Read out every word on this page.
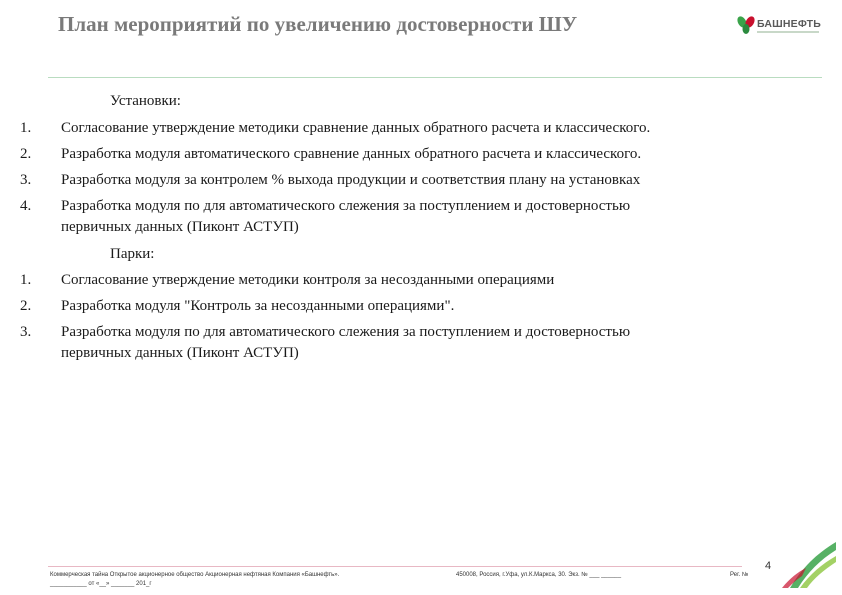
План мероприятий по увеличению достоверности ШУ	БАШНЕФТЬ
Установки:
1.	Согласование утверждение методики сравнение данных обратного расчета и классического.
2.	Разработка модуля автоматического сравнение данных обратного расчета и классического.
3.	Разработка модуля за контролем % выхода продукции и соответствия плану на установках
4.	Разработка модуля по для автоматического слежения за поступлением и достоверностью
первичных данных (Пиконт АСТУП)
Парки:
1.	Согласование утверждение методики контроля за несозданными операциями
2.	Разработка модуля "Контроль за несозданными операциями".
3.	Разработка модуля по для автоматического слежения за поступлением и достоверностью
первичных данных (Пиконт АСТУП)
4
Коммерческая тайна Открытое акционерное общество Акционерная нефтяная Компания «Башнефть».
___________ от «__» _______ 201_г
450008, Россия, г.Уфа, ул.К.Маркса, 30. Экз. № ___ ______	Рег. №
